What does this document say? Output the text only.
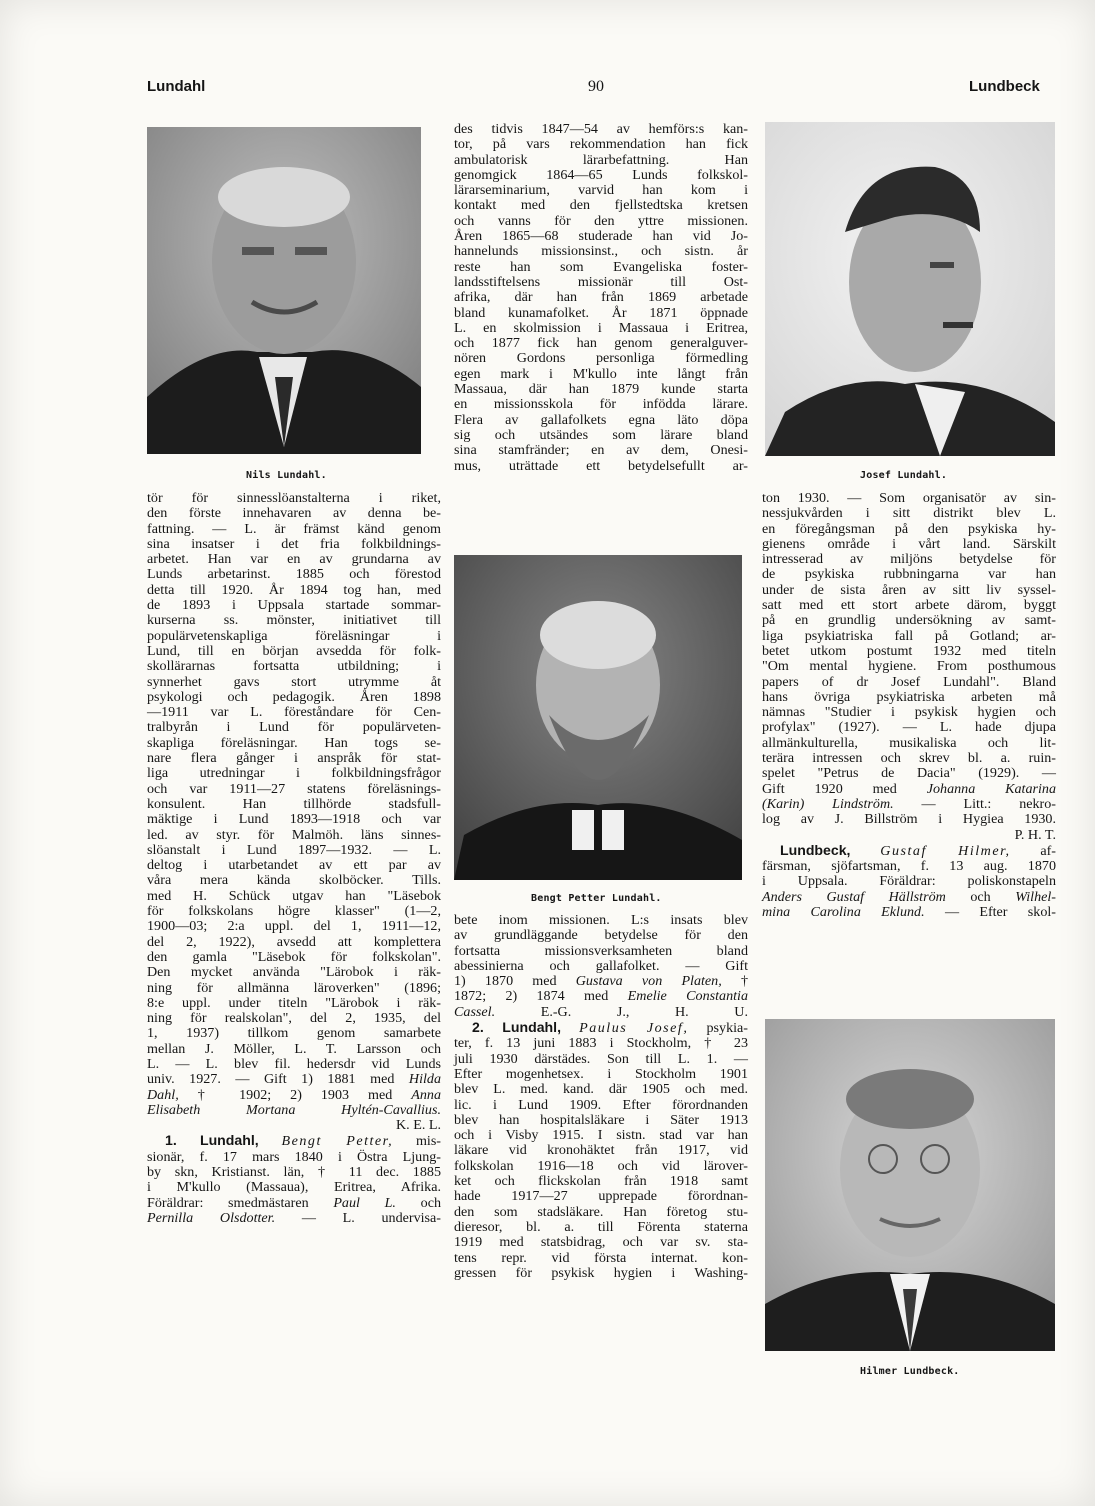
Lundahl	90	Lundbeck
Nils Lundahl.	Josef Lundahl.
Bengt Petter Lundahl.
Hilmer Lundbeck.
tör för sinnesslöanstalterna i riket,
den förste innehavaren av denna be-
fattning. — L. är främst känd genom
sina insatser i det fria folkbildnings-
arbetet. Han var en av grundarna av
Lunds arbetarinst. 1885 och förestod
detta till 1920. År 1894 tog han, med
de 1893 i Uppsala startade sommar-
kurserna ss. mönster, initiativet till
populärvetenskapliga föreläsningar i
Lund, till en början avsedda för folk-
skollärarnas fortsatta utbildning; i
synnerhet gavs stort utrymme åt
psykologi och pedagogik. Åren 1898
—1911 var L. föreståndare för Cen-
tralbyrån i Lund för populärveten-
skapliga föreläsningar. Han togs se-
nare flera gånger i anspråk för stat-
liga utredningar i folkbildningsfrågor
och var 1911—27 statens föreläsnings-
konsulent. Han tillhörde stadsfull-
mäktige i Lund 1893—1918 och var
led. av styr. för Malmöh. läns sinnes-
slöanstalt i Lund 1897—1932. — L.
deltog i utarbetandet av ett par av
våra mera kända skolböcker. Tills.
med H. Schück utgav han "Läsebok
för folkskolans högre klasser" (1—2,
1900—03; 2:a uppl. del 1, 1911—12,
del 2, 1922), avsedd att komplettera
den gamla "Läsebok för folkskolan".
Den mycket använda "Lärobok i räk-
ning för allmänna läroverken" (1896;
8:e uppl. under titeln "Lärobok i räk-
ning för realskolan", del 2, 1935, del
1, 1937) tillkom genom samarbete
mellan J. Möller, L. T. Larsson och
L. — L. blev fil. hedersdr vid Lunds
univ. 1927. — Gift 1) 1881 med Hilda
Dahl, † 1902; 2) 1903 med Anna
Elisabeth Mortana Hyltén-Cavallius.
K. E. L.
1. Lundahl, Bengt Petter, mis-
sionär, f. 17 mars 1840 i Östra Ljung-
by skn, Kristianst. län, † 11 dec. 1885
i M'kullo (Massaua), Eritrea, Afrika.
Föräldrar: smedmästaren Paul L. och
Pernilla Olsdotter. — L. undervisa-
des tidvis 1847—54 av hemförs:s kan-
tor, på vars rekommendation han fick
ambulatorisk lärarbefattning. Han
genomgick 1864—65 Lunds folkskol-
lärarseminarium, varvid han kom i
kontakt med den fjellstedtska kretsen
och vanns för den yttre missionen.
Åren 1865—68 studerade han vid Jo-
hannelunds missionsinst., och sistn. år
reste han som Evangeliska foster-
landsstiftelsens missionär till Ost-
afrika, där han från 1869 arbetade
bland kunamafolket. År 1871 öppnade
L. en skolmission i Massaua i Eritrea,
och 1877 fick han genom generalguver-
nören Gordons personliga förmedling
egen mark i M'kullo inte långt från
Massaua, där han 1879 kunde starta
en missionsskola för infödda lärare.
Flera av gallafolkets egna läto döpa
sig och utsändes som lärare bland
sina stamfränder; en av dem, Onesi-
mus, uträttade ett betydelsefullt ar-
bete inom missionen. L:s insats blev
av grundläggande betydelse för den
fortsatta missionsverksamheten bland
abessinierna och gallafolket. — Gift
1) 1870 med Gustava von Platen, †
1872; 2) 1874 med Emelie Constantia
Cassel.	E.-G. J., H. U.
2. Lundahl, Paulus Josef, psykia-
ter, f. 13 juni 1883 i Stockholm, † 23
juli 1930 därstädes. Son till L. 1. —
Efter mogenhetsex. i Stockholm 1901
blev L. med. kand. där 1905 och med.
lic. i Lund 1909. Efter förordnanden
blev han hospitalsläkare i Säter 1913
och i Visby 1915. I sistn. stad var han
läkare vid kronohäktet från 1917, vid
folkskolan 1916—18 och vid lärover-
ket och flickskolan från 1918 samt
hade 1917—27 upprepade förordnan-
den som stadsläkare. Han företog stu-
dieresor, bl. a. till Förenta staterna
1919 med statsbidrag, och var sv. sta-
tens repr. vid första internat. kon-
gressen för psykisk hygien i Washing-
ton 1930. — Som organisatör av sin-
nessjukvården i sitt distrikt blev L.
en föregångsman på den psykiska hy-
gienens område i vårt land. Särskilt
intresserad av miljöns betydelse för
de psykiska rubbningarna var han
under de sista åren av sitt liv syssel-
satt med ett stort arbete därom, byggt
på en grundlig undersökning av samt-
liga psykiatriska fall på Gotland; ar-
betet utkom postumt 1932 med titeln
"Om mental hygiene. From posthumous
papers of dr Josef Lundahl". Bland
hans övriga psykiatriska arbeten må
nämnas "Studier i psykisk hygien och
profylax" (1927). — L. hade djupa
allmänkulturella, musikaliska och lit-
terära intressen och skrev bl. a. ruin-
spelet "Petrus de Dacia" (1929). —
Gift 1920 med Johanna Katarina
(Karin) Lindström. — Litt.: nekro-
log av J. Billström i Hygiea 1930.
P. H. T.
Lundbeck, Gustaf Hilmer, af-
färsman, sjöfartsman, f. 13 aug. 1870
i Uppsala. Föräldrar: poliskonstapeln
Anders Gustaf Hällström och Wilhel-
mina Carolina Eklund. — Efter skol-
